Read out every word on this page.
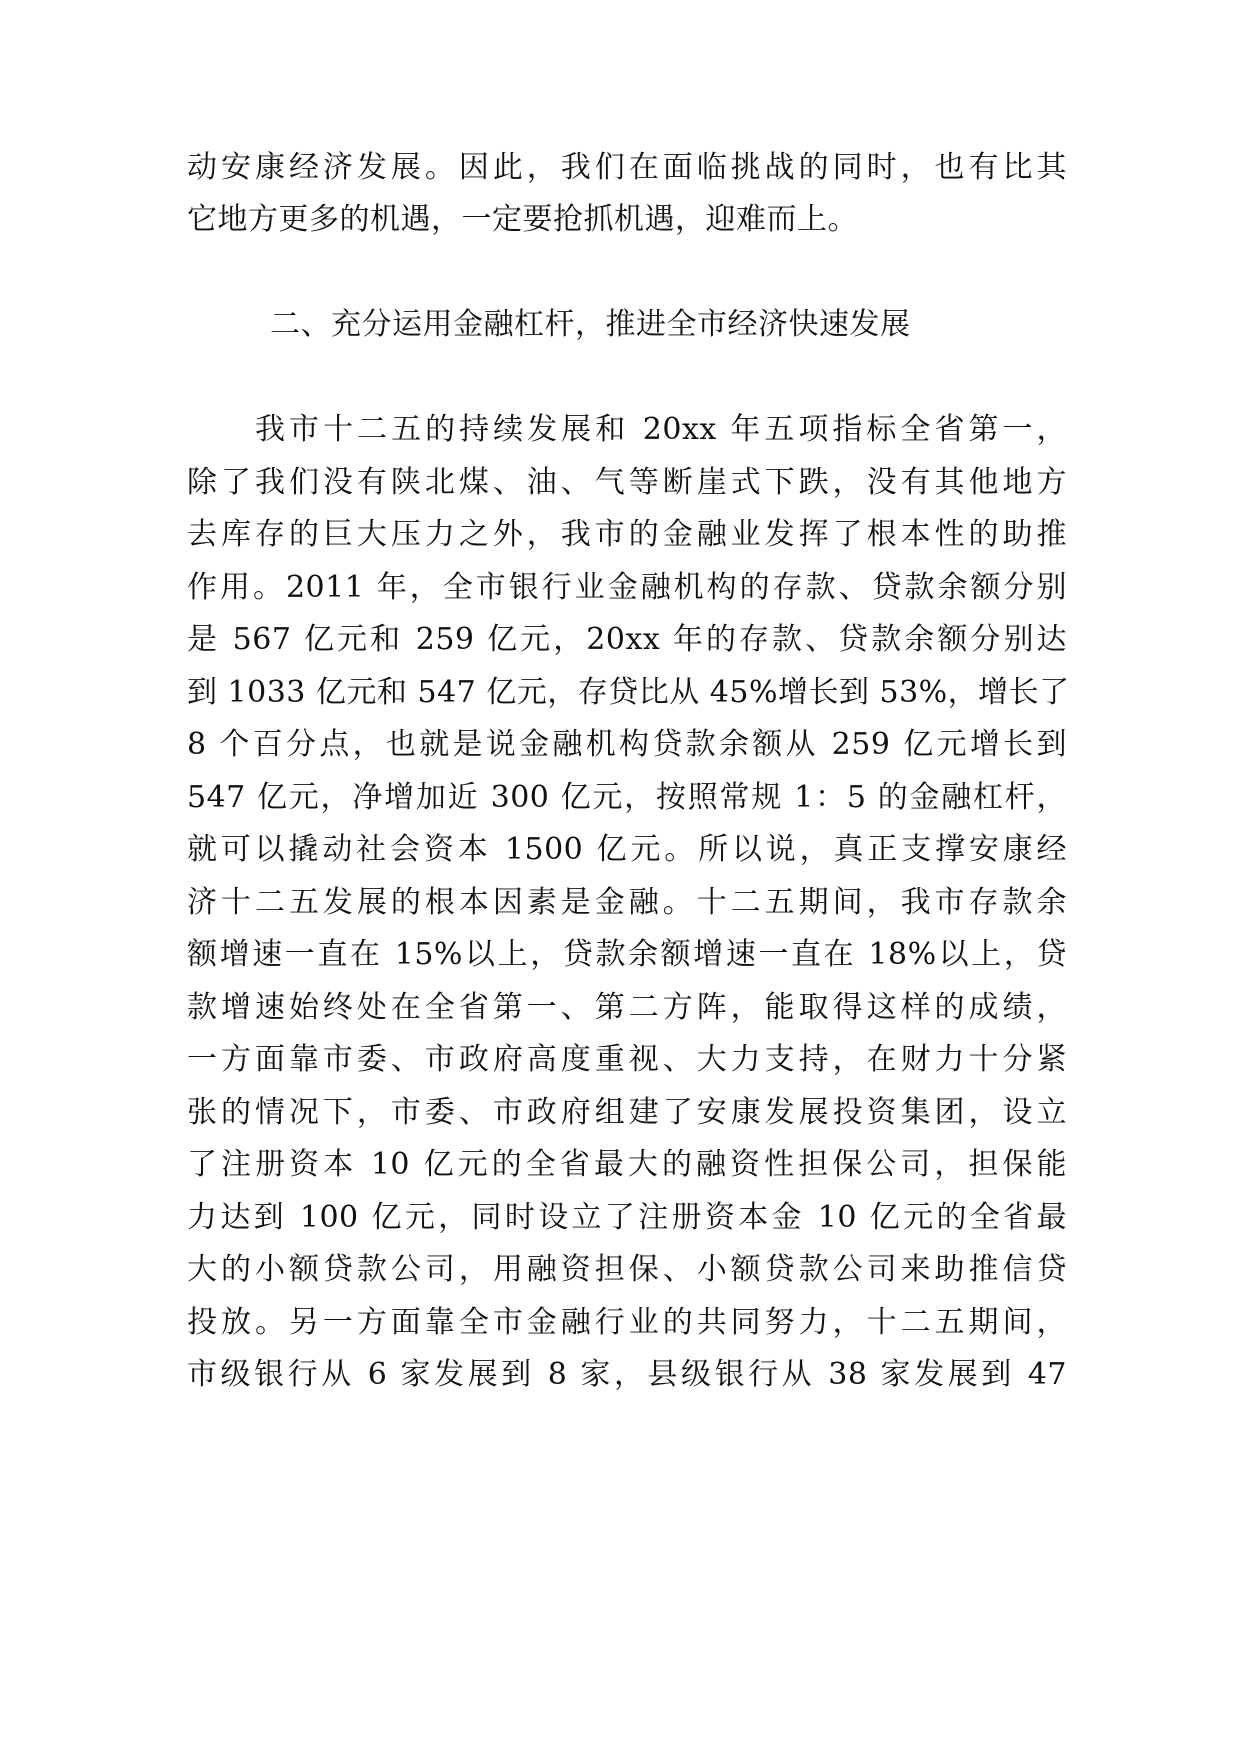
动安康经济发展。因此，我们在面临挑战的同时，也有比其
它地方更多的机遇，一定要抢抓机遇，迎难而上。
二、充分运用金融杠杆，推进全市经济快速发展
　　我市十二五的持续发展和 20xx 年五项指标全省第一，
除了我们没有陕北煤、油、气等断崖式下跌，没有其他地方
去库存的巨大压力之外，我市的金融业发挥了根本性的助推
作用。2011 年，全市银行业金融机构的存款、贷款余额分别
是 567 亿元和 259 亿元，20xx 年的存款、贷款余额分别达
到 1033 亿元和 547 亿元，存贷比从 45%增长到 53%，增长了
8 个百分点，也就是说金融机构贷款余额从 259 亿元增长到
547 亿元，净增加近 300 亿元，按照常规 1：5 的金融杠杆，
就可以撬动社会资本 1500 亿元。所以说，真正支撑安康经
济十二五发展的根本因素是金融。十二五期间，我市存款余
额增速一直在 15%以上，贷款余额增速一直在 18%以上，贷
款增速始终处在全省第一、第二方阵，能取得这样的成绩，
一方面靠市委、市政府高度重视、大力支持，在财力十分紧
张的情况下，市委、市政府组建了安康发展投资集团，设立
了注册资本 10 亿元的全省最大的融资性担保公司，担保能
力达到 100 亿元，同时设立了注册资本金 10 亿元的全省最
大的小额贷款公司，用融资担保、小额贷款公司来助推信贷
投放。另一方面靠全市金融行业的共同努力，十二五期间，
市级银行从 6 家发展到 8 家，县级银行从 38 家发展到 47
